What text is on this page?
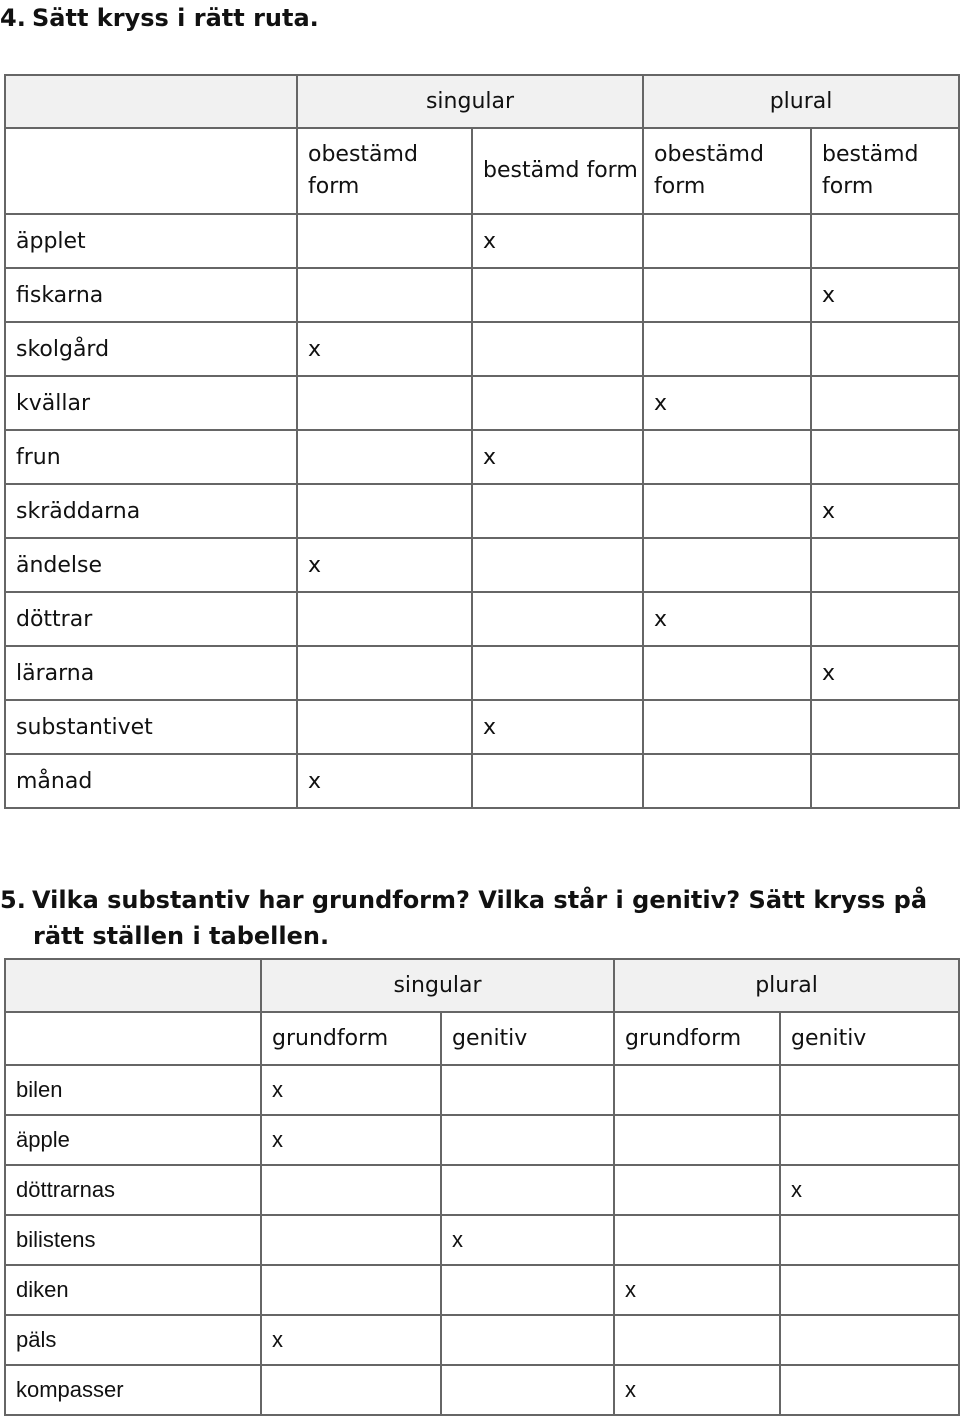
4. Sätt kryss i rätt ruta.
	singular		plural	
	obestämd form	bestämd form	obestämd form	bestämd form
äpplet		x		
fiskarna				x
skolgård	x			
kvällar			x	
frun		x		
skräddarna				x
ändelse	x			
döttrar			x	
lärarna				x
substantivet		x		
månad	x			
5. Vilka substantiv har grundform? Vilka står i genitiv? Sätt kryss på
rätt ställen i tabellen.
	singular		plural	
	grundform	genitiv	grundform	genitiv
bilen	x			
äpple	x			
döttrarnas				x
bilistens		x		
diken			x	
päls	x			
kompasser			x	
